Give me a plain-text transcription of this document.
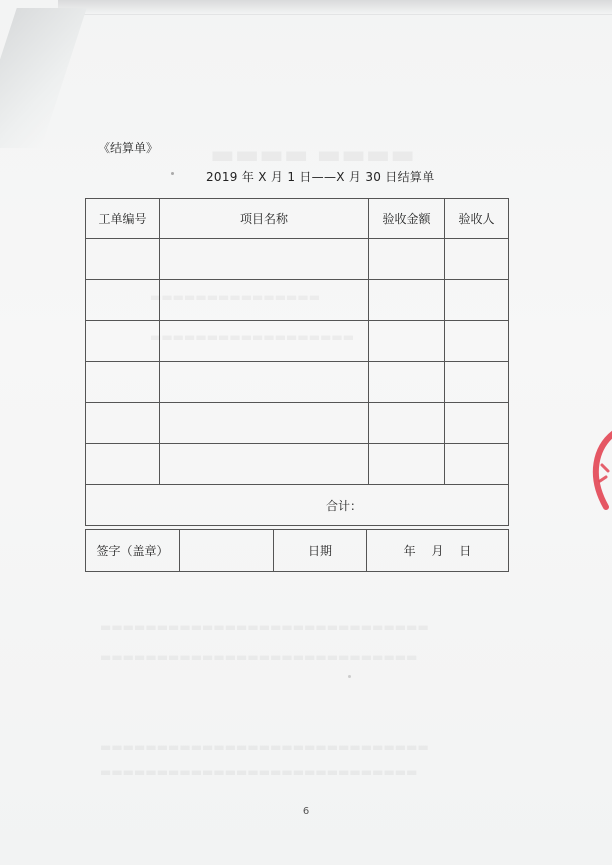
▬▬▬▬ ▬▬▬▬
▬▬▬▬▬▬▬▬▬▬▬▬▬▬▬
▬▬▬▬▬▬▬▬▬▬▬▬▬▬▬▬▬▬
▬▬▬▬▬▬▬▬▬▬▬▬▬▬▬▬▬▬▬▬▬▬▬▬▬▬▬▬▬
▬▬▬▬▬▬▬▬▬▬▬▬▬▬▬▬▬▬▬▬▬▬▬▬▬▬▬▬
▬▬▬▬▬▬▬▬▬▬▬▬▬▬▬▬▬▬▬▬▬▬▬▬▬▬▬▬▬
▬▬▬▬▬▬▬▬▬▬▬▬▬▬▬▬▬▬▬▬▬▬▬▬▬▬▬▬
《结算单》
2019 年 X 月 1 日——X 月 30 日结算单
工单编号	项目名称	验收金额	验收人

合计：			
签字（盖章）		日期	年 月 日
6
